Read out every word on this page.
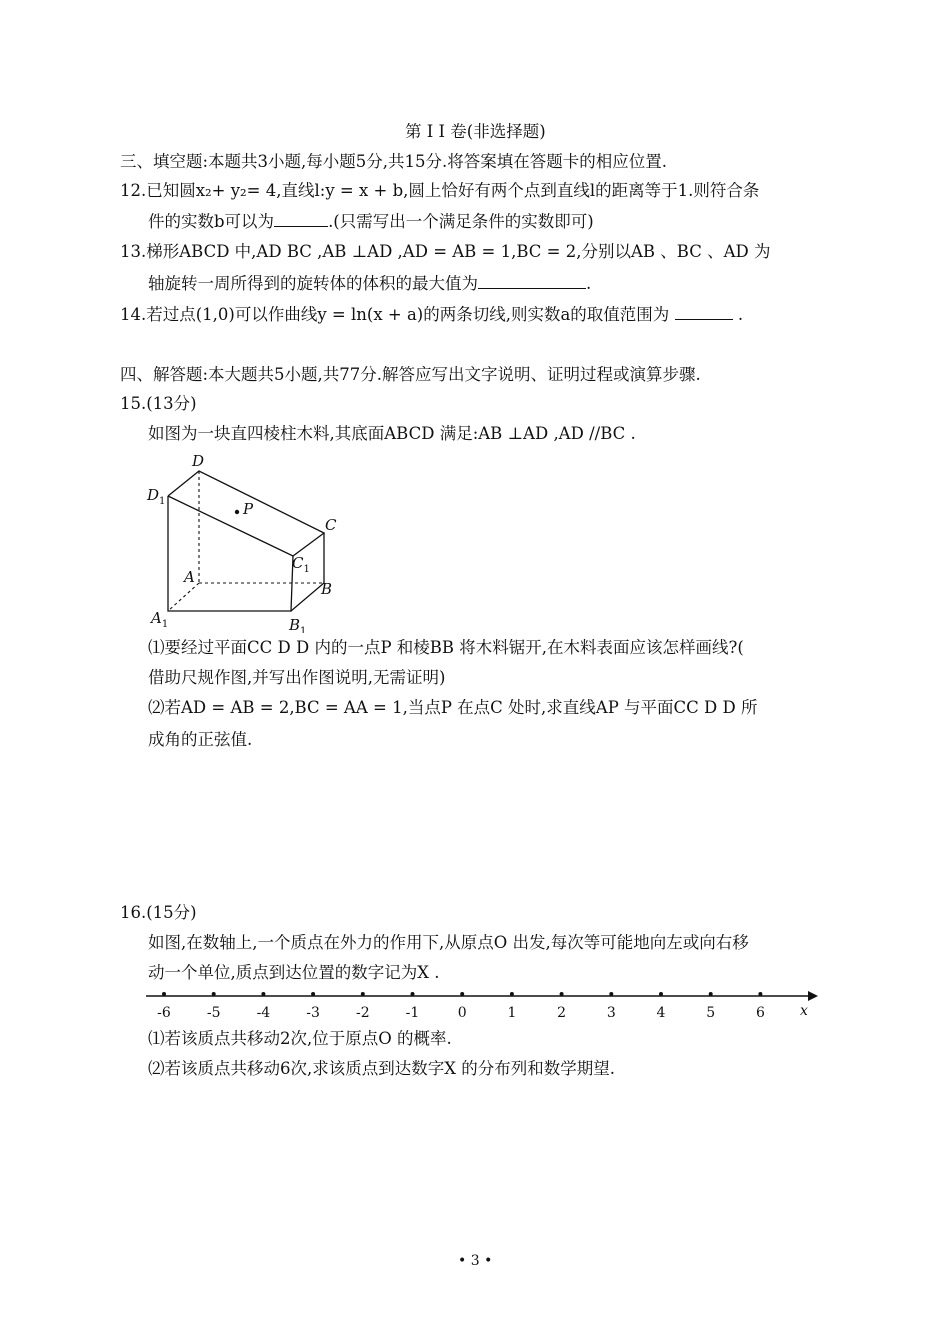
第 I I 卷(非选择题)
三、填空题:本题共3小题,每小题5分,共15分.将答案填在答题卡的相应位置.
12.已知圆x₂+ y₂= 4,直线l:y = x + b,圆上恰好有两个点到直线l的距离等于1.则符合条
件的实数b可以为	.(只需写出一个满足条件的实数即可)
13.梯形ABCD 中,AD BC ,AB ⊥AD ,AD = AB = 1,BC = 2,分别以AB 、BC 、AD 为
轴旋转一周所得到的旋转体的体积的最大值为	.
14.若过点(1,0)可以作曲线y = ln(x + a)的两条切线,则实数a的取值范围为	.
四、解答题:本大题共5小题,共77分.解答应写出文字说明、证明过程或演算步骤.
15.(13分)
如图为一块直四棱柱木料,其底面ABCD 满足:AB ⊥AD ,AD //BC .
D
$D_1$	P
C
$C_1$
A
B
$A_1$	$B_1$
⑴要经过平面CC D D 内的一点P 和棱BB 将木料锯开,在木料表面应该怎样画线?(
借助尺规作图,并写出作图说明,无需证明)
⑵若AD = AB = 2,BC = AA = 1,当点P 在点C 处时,求直线AP 与平面CC D D 所
成角的正弦值.
16.(15分)
如图,在数轴上,一个质点在外力的作用下,从原点O 出发,每次等可能地向左或向右移
动一个单位,质点到达位置的数字记为X .
-6	-5	-4	-3	-2	-1	0	1	2	3	4	5	6	x
⑴若该质点共移动2次,位于原点O 的概率.
⑵若该质点共移动6次,求该质点到达数字X 的分布列和数学期望.
• 3 •
